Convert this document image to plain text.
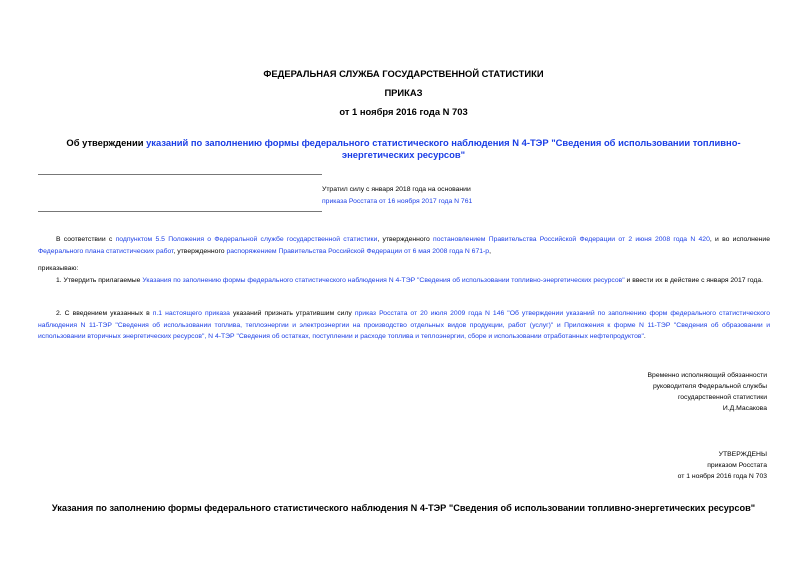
ФЕДЕРАЛЬНАЯ СЛУЖБА ГОСУДАРСТВЕННОЙ СТАТИСТИКИ
ПРИКАЗ
от 1 ноября 2016 года N 703
Об утверждении указаний по заполнению формы федерального статистического наблюдения N 4-ТЭР "Сведения об использовании топливно-энергетических ресурсов"
Утратил силу с января 2018 года на основании
приказа Росстата от 16 ноября 2017 года N 761
В соответствии с подпунктом 5.5 Положения о Федеральной службе государственной статистики, утвержденного постановлением Правительства Российской Федерации от 2 июня 2008 года N 420, и во исполнение Федерального плана статистических работ, утвержденного распоряжением Правительства Российской Федерации от 6 мая 2008 года N 671-р,
приказываю:
1. Утвердить прилагаемые Указания по заполнению формы федерального статистического наблюдения N 4-ТЭР "Сведения об использовании топливно-энергетических ресурсов" и ввести их в действие с января 2017 года.
2. С введением указанных в п.1 настоящего приказа указаний признать утратившим силу приказ Росстата от 20 июля 2009 года N 146 "Об утверждении указаний по заполнению форм федерального статистического наблюдения N 11-ТЭР "Сведения об использовании топлива, теплоэнергии и электроэнергии на производство отдельных видов продукции, работ (услуг)" и Приложения к форме N 11-ТЭР "Сведения об образовании и использовании вторичных энергетических ресурсов", N 4-ТЭР "Сведения об остатках, поступлении и расходе топлива и теплоэнергии, сборе и использовании отработанных нефтепродуктов".
Временно исполняющий обязанности
руководителя Федеральной службы
государственной статистики
И.Д.Масакова
УТВЕРЖДЕНЫ
приказом Росстата
от 1 ноября 2016 года N 703
Указания по заполнению формы федерального статистического наблюдения N 4-ТЭР "Сведения об использовании топливно-энергетических ресурсов"
